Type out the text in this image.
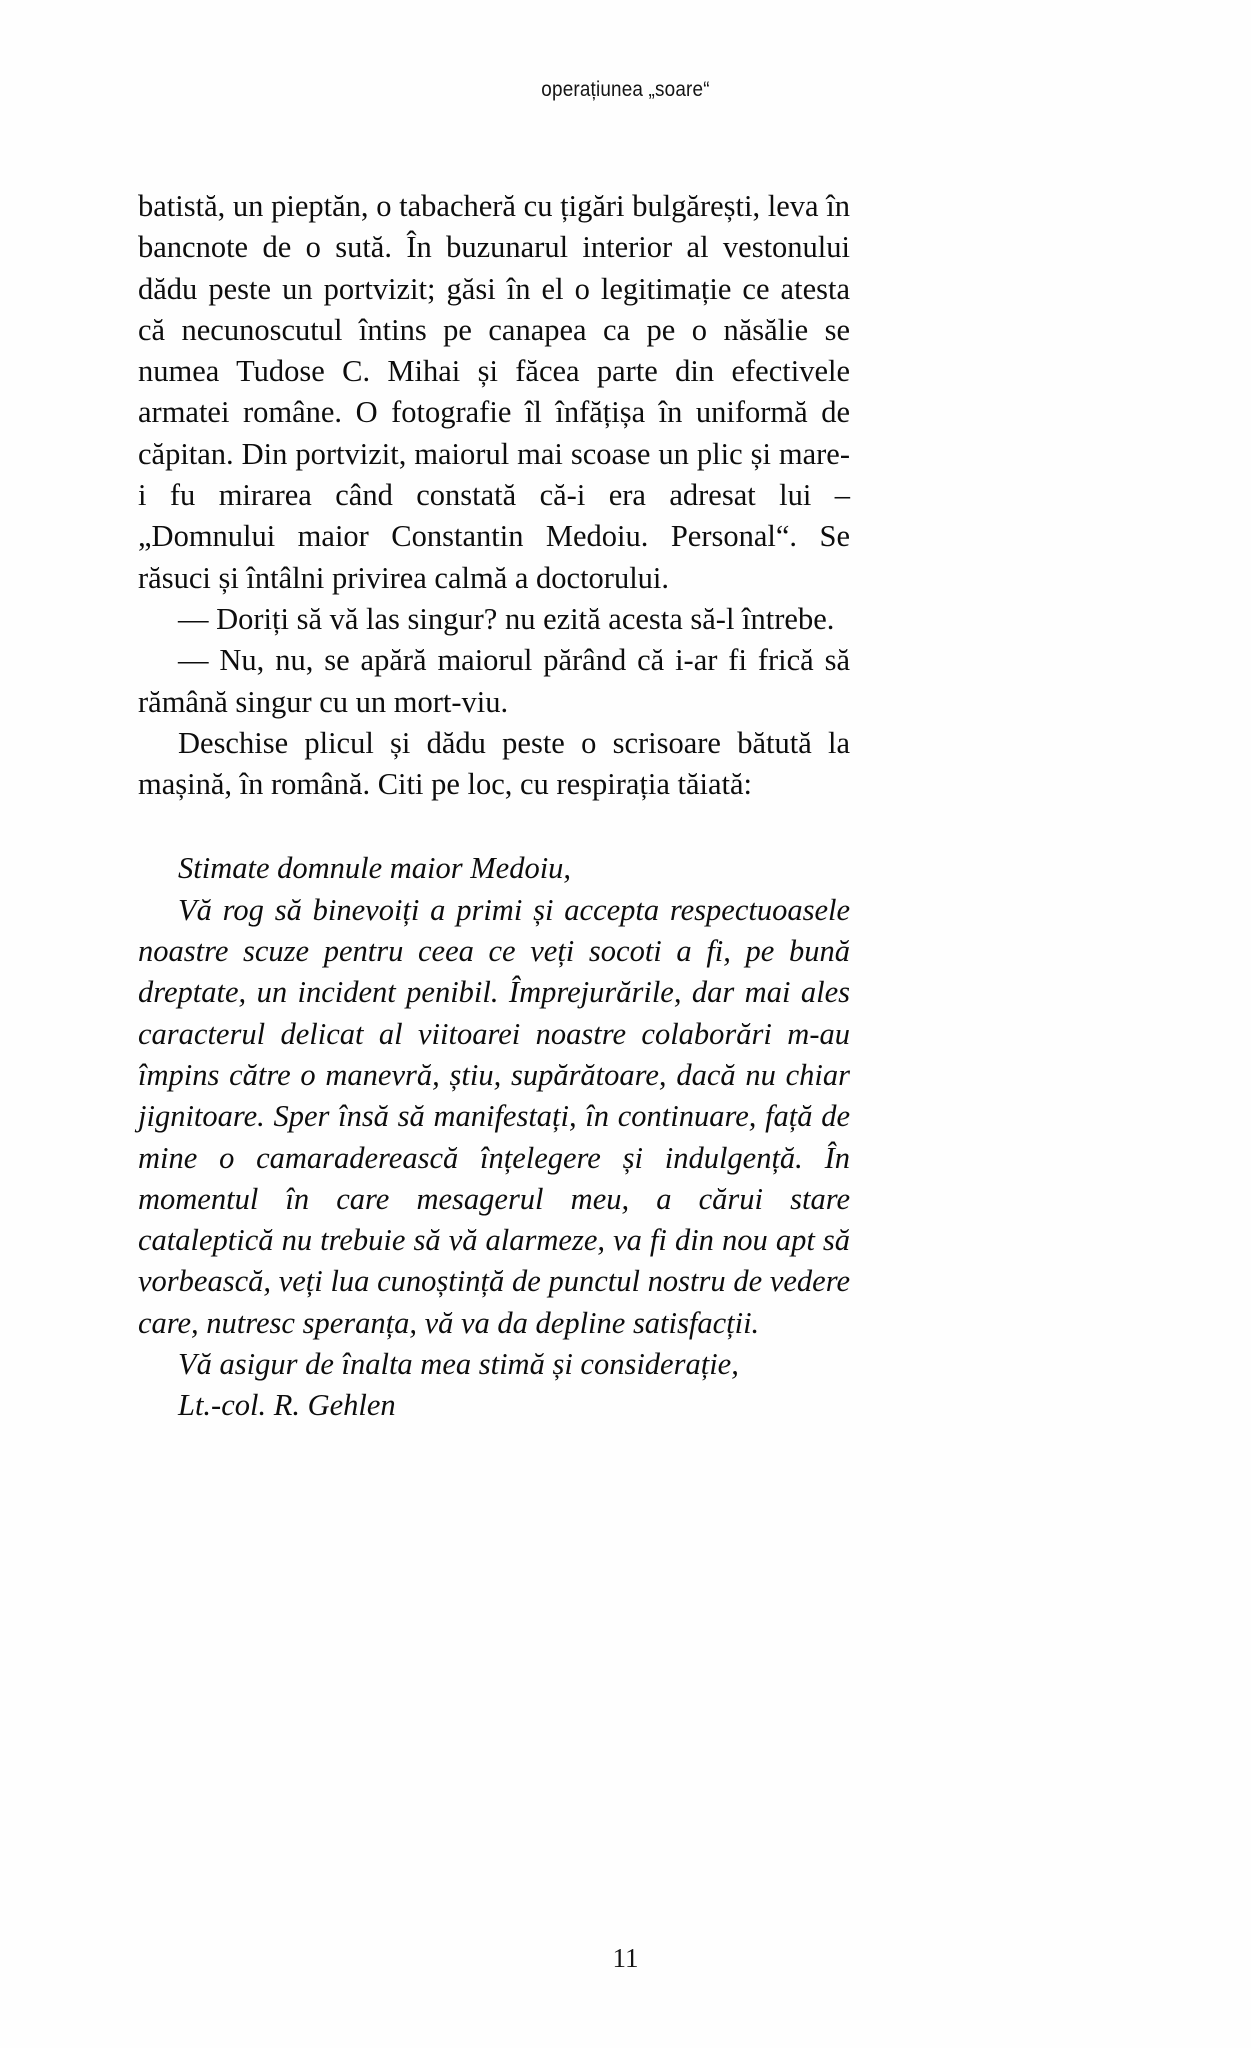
operațiunea „soare“

batistă, un pieptăn, o tabacheră cu țigări bulgărești, leva în bancnote de o sută. În buzunarul interior al vestonului dădu peste un portvizit; găsi în el o legitimație ce atesta că necunoscutul întins pe canapea ca pe o năsălie se numea Tudose C. Mihai și făcea parte din efectivele armatei române. O fotografie îl înfățișa în uniformă de căpitan. Din portvizit, maiorul mai scoase un plic și mare-i fu mirarea când constată că-i era adresat lui – „Domnului maior Constantin Medoiu. Personal“. Se răsuci și întâlni privirea calmă a doctorului.

— Doriți să vă las singur? nu ezită acesta să-l întrebe.

— Nu, nu, se apără maiorul părând că i-ar fi frică să rămână singur cu un mort-viu.

Deschise plicul și dădu peste o scrisoare bătută la mașină, în română. Citi pe loc, cu respirația tăiată:

Stimate domnule maior Medoiu,

Vă rog să binevoiți a primi și accepta respectuoasele noastre scuze pentru ceea ce veți socoti a fi, pe bună dreptate, un incident penibil. Împrejurările, dar mai ales caracterul delicat al viitoarei noastre colaborări m-au împins către o manevră, știu, supărătoare, dacă nu chiar jignitoare. Sper însă să manifestați, în continuare, față de mine o camaraderească înțelegere și indulgență. În momentul în care mesagerul meu, a cărui stare cataleptică nu trebuie să vă alarmeze, va fi din nou apt să vorbească, veți lua cunoștință de punctul nostru de vedere care, nutresc speranța, vă va da depline satisfacții.

Vă asigur de înalta mea stimă și considerație,

Lt.-col. R. Gehlen

11
